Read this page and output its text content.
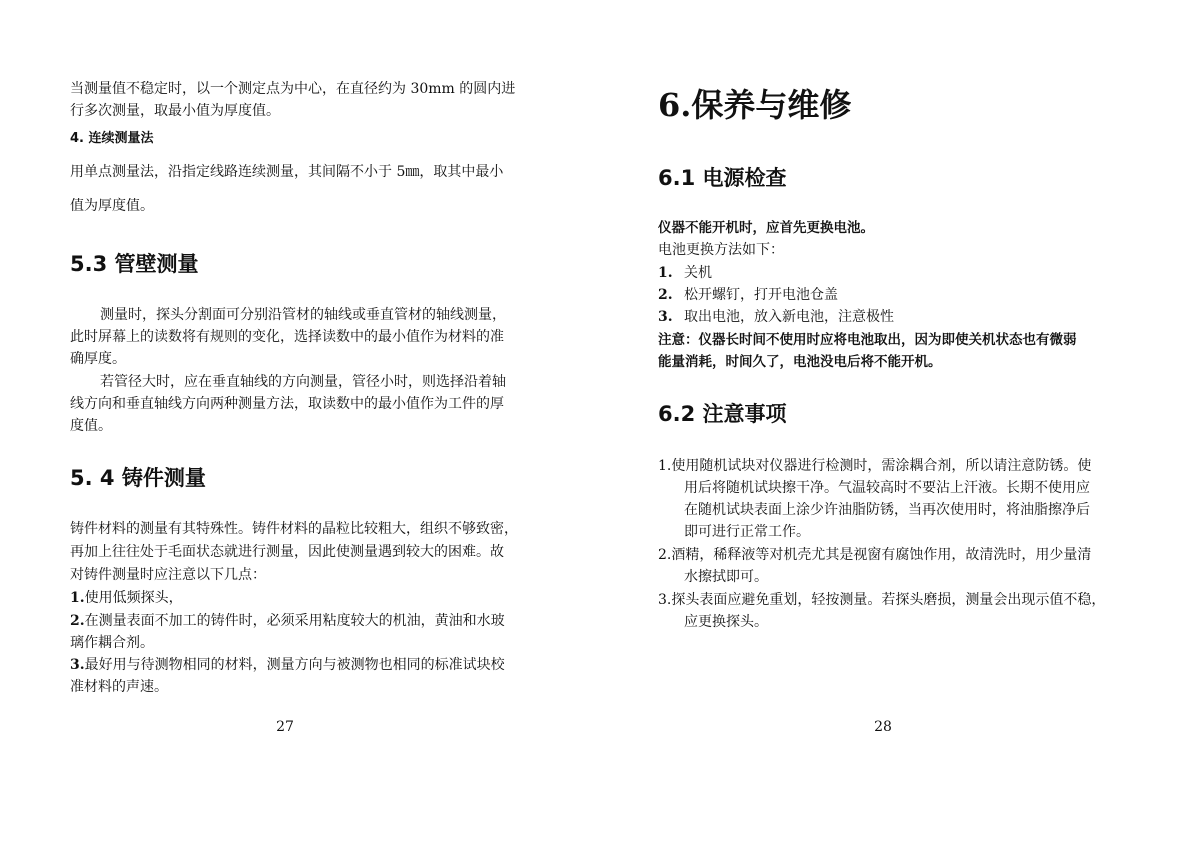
当测量值不稳定时，以一个测定点为中心，在直径约为 30mm 的圆内进
行多次测量，取最小值为厚度值。
4. 连续测量法
用单点测量法，沿指定线路连续测量，其间隔不小于 5㎜，取其中最小
值为厚度值。
5.3 管壁测量
测量时，探头分割面可分别沿管材的轴线或垂直管材的轴线测量，
此时屏幕上的读数将有规则的变化，选择读数中的最小值作为材料的准
确厚度。
若管径大时，应在垂直轴线的方向测量，管径小时，则选择沿着轴
线方向和垂直轴线方向两种测量方法，取读数中的最小值作为工件的厚
度值。
5. 4 铸件测量
铸件材料的测量有其特殊性。铸件材料的晶粒比较粗大，组织不够致密，
再加上往往处于毛面状态就进行测量，因此使测量遇到较大的困难。故
对铸件测量时应注意以下几点：
1.使用低频探头，
2.在测量表面不加工的铸件时，必须采用粘度较大的机油，黄油和水玻
璃作耦合剂。
3.最好用与待测物相同的材料，测量方向与被测物也相同的标准试块校
准材料的声速。
27
6.保养与维修
6.1 电源检查
仪器不能开机时，应首先更换电池。
电池更换方法如下：
1. 关机
2. 松开螺钉，打开电池仓盖
3. 取出电池，放入新电池，注意极性
注意：仪器长时间不使用时应将电池取出，因为即使关机状态也有微弱
能量消耗，时间久了，电池没电后将不能开机。
6.2 注意事项
1.使用随机试块对仪器进行检测时，需涂耦合剂，所以请注意防锈。使
用后将随机试块擦干净。气温较高时不要沾上汗液。长期不使用应
在随机试块表面上涂少许油脂防锈，当再次使用时，将油脂擦净后
即可进行正常工作。
2.酒精，稀释液等对机壳尤其是视窗有腐蚀作用，故清洗时，用少量清
水擦拭即可。
3.探头表面应避免重划，轻按测量。若探头磨损，测量会出现示值不稳，
应更换探头。
28
